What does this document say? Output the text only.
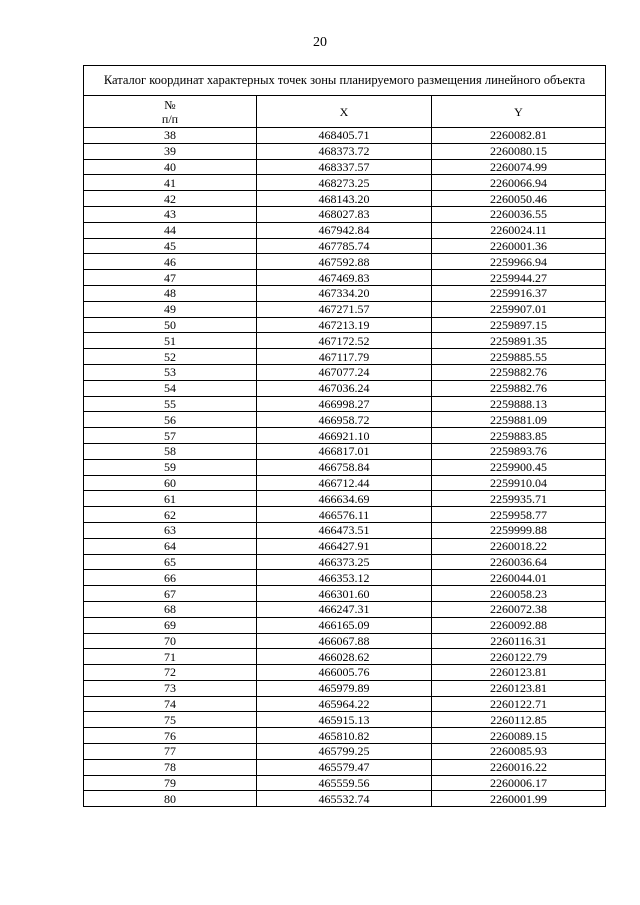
20
Каталог координат характерных точек зоны планируемого размещения линейного объекта		
№
п/п	X	Y
38	468405.71	2260082.81
39	468373.72	2260080.15
40	468337.57	2260074.99
41	468273.25	2260066.94
42	468143.20	2260050.46
43	468027.83	2260036.55
44	467942.84	2260024.11
45	467785.74	2260001.36
46	467592.88	2259966.94
47	467469.83	2259944.27
48	467334.20	2259916.37
49	467271.57	2259907.01
50	467213.19	2259897.15
51	467172.52	2259891.35
52	467117.79	2259885.55
53	467077.24	2259882.76
54	467036.24	2259882.76
55	466998.27	2259888.13
56	466958.72	2259881.09
57	466921.10	2259883.85
58	466817.01	2259893.76
59	466758.84	2259900.45
60	466712.44	2259910.04
61	466634.69	2259935.71
62	466576.11	2259958.77
63	466473.51	2259999.88
64	466427.91	2260018.22
65	466373.25	2260036.64
66	466353.12	2260044.01
67	466301.60	2260058.23
68	466247.31	2260072.38
69	466165.09	2260092.88
70	466067.88	2260116.31
71	466028.62	2260122.79
72	466005.76	2260123.81
73	465979.89	2260123.81
74	465964.22	2260122.71
75	465915.13	2260112.85
76	465810.82	2260089.15
77	465799.25	2260085.93
78	465579.47	2260016.22
79	465559.56	2260006.17
80	465532.74	2260001.99
